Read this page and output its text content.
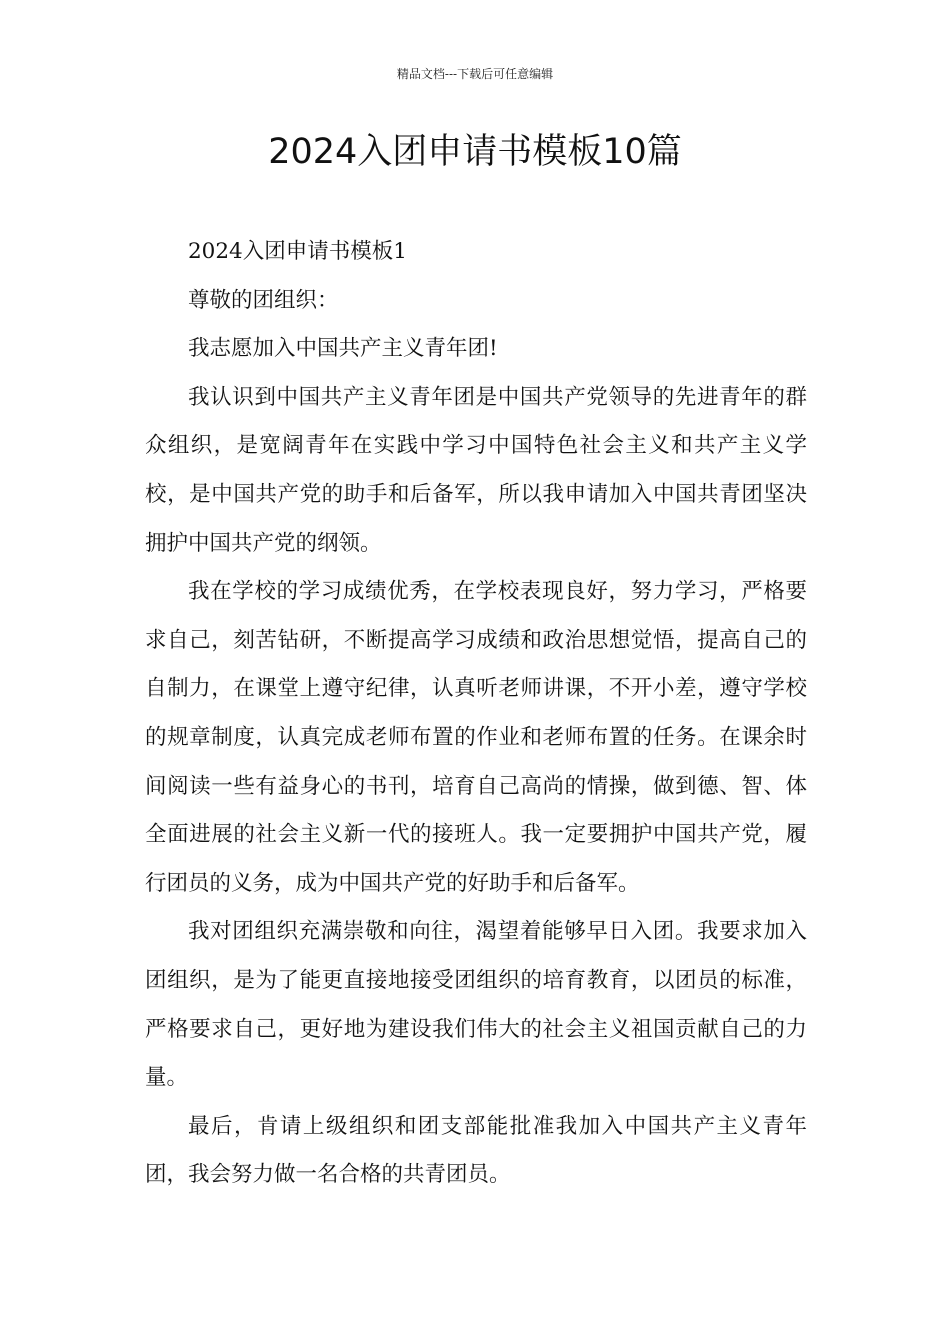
精品文档---下载后可任意编辑
2024入团申请书模板10篇

2024入团申请书模板1

尊敬的团组织：

我志愿加入中国共产主义青年团!

我认识到中国共产主义青年团是中国共产党领导的先进青年的群众组织，是宽阔青年在实践中学习中国特色社会主义和共产主义学校，是中国共产党的助手和后备军，所以我申请加入中国共青团坚决拥护中国共产党的纲领。

我在学校的学习成绩优秀，在学校表现良好，努力学习，严格要求自己，刻苦钻研，不断提高学习成绩和政治思想觉悟，提高自己的自制力，在课堂上遵守纪律，认真听老师讲课，不开小差，遵守学校的规章制度，认真完成老师布置的作业和老师布置的任务。在课余时间阅读一些有益身心的书刊，培育自己高尚的情操，做到德、智、体全面进展的社会主义新一代的接班人。我一定要拥护中国共产党，履行团员的义务，成为中国共产党的好助手和后备军。

我对团组织充满崇敬和向往，渴望着能够早日入团。我要求加入团组织，是为了能更直接地接受团组织的培育教育，以团员的标准，严格要求自己，更好地为建设我们伟大的社会主义祖国贡献自己的力量。

最后，肯请上级组织和团支部能批准我加入中国共产主义青年团，我会努力做一名合格的共青团员。
